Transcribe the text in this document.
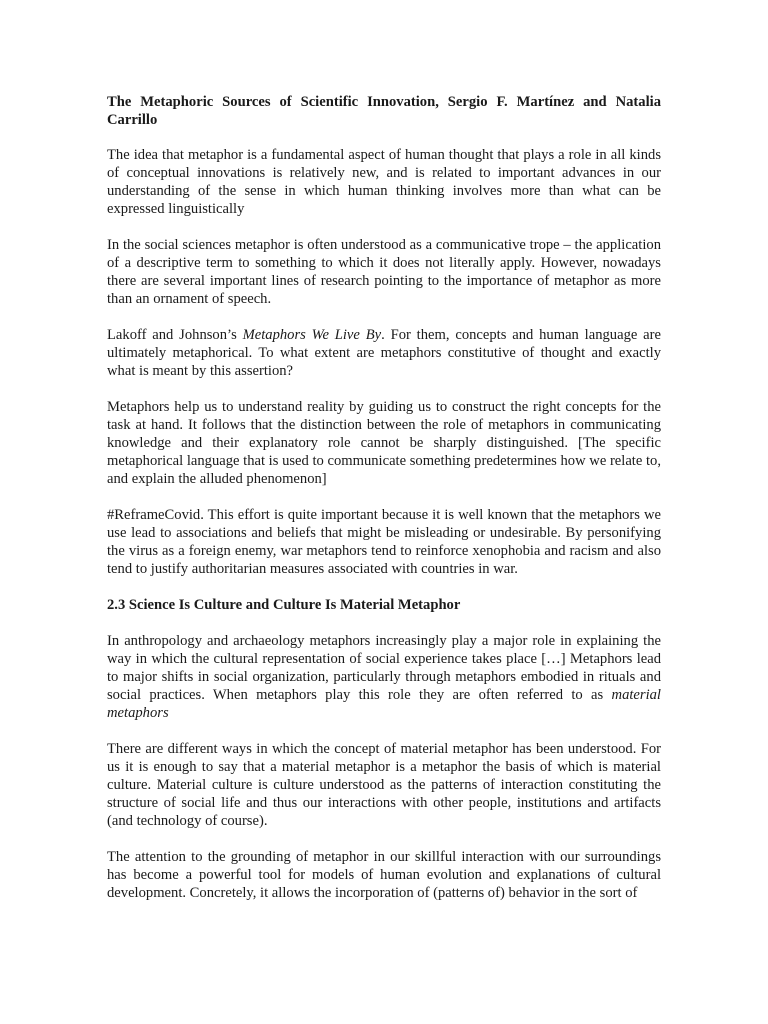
The Metaphoric Sources of Scientific Innovation, Sergio F. Martínez and Natalia Carrillo

The idea that metaphor is a fundamental aspect of human thought that plays a role in all kinds of conceptual innovations is relatively new, and is related to important advances in our understanding of the sense in which human thinking involves more than what can be expressed linguistically

In the social sciences metaphor is often understood as a communicative trope – the application of a descriptive term to something to which it does not literally apply. However, nowadays there are several important lines of research pointing to the importance of metaphor as more than an ornament of speech.

Lakoff and Johnson’s Metaphors We Live By. For them, concepts and human language are ultimately metaphorical. To what extent are metaphors constitutive of thought and exactly what is meant by this assertion?

Metaphors help us to understand reality by guiding us to construct the right concepts for the task at hand. It follows that the distinction between the role of metaphors in communicating knowledge and their explanatory role cannot be sharply distinguished. [The specific metaphorical language that is used to communicate something predetermines how we relate to, and explain the alluded phenomenon]

#ReframeCovid. This effort is quite important because it is well known that the metaphors we use lead to associations and beliefs that might be misleading or undesirable. By personifying the virus as a foreign enemy, war metaphors tend to reinforce xenophobia and racism and also tend to justify authoritarian measures associated with countries in war.

2.3 Science Is Culture and Culture Is Material Metaphor

In anthropology and archaeology metaphors increasingly play a major role in explaining the way in which the cultural representation of social experience takes place […] Metaphors lead to major shifts in social organization, particularly through metaphors embodied in rituals and social practices. When metaphors play this role they are often referred to as material metaphors

There are different ways in which the concept of material metaphor has been understood. For us it is enough to say that a material metaphor is a metaphor the basis of which is material culture. Material culture is culture understood as the patterns of interaction constituting the structure of social life and thus our interactions with other people, institutions and artifacts (and technology of course).

The attention to the grounding of metaphor in our skillful interaction with our surroundings has become a powerful tool for models of human evolution and explanations of cultural development. Concretely, it allows the incorporation of (patterns of) behavior in the sort of
